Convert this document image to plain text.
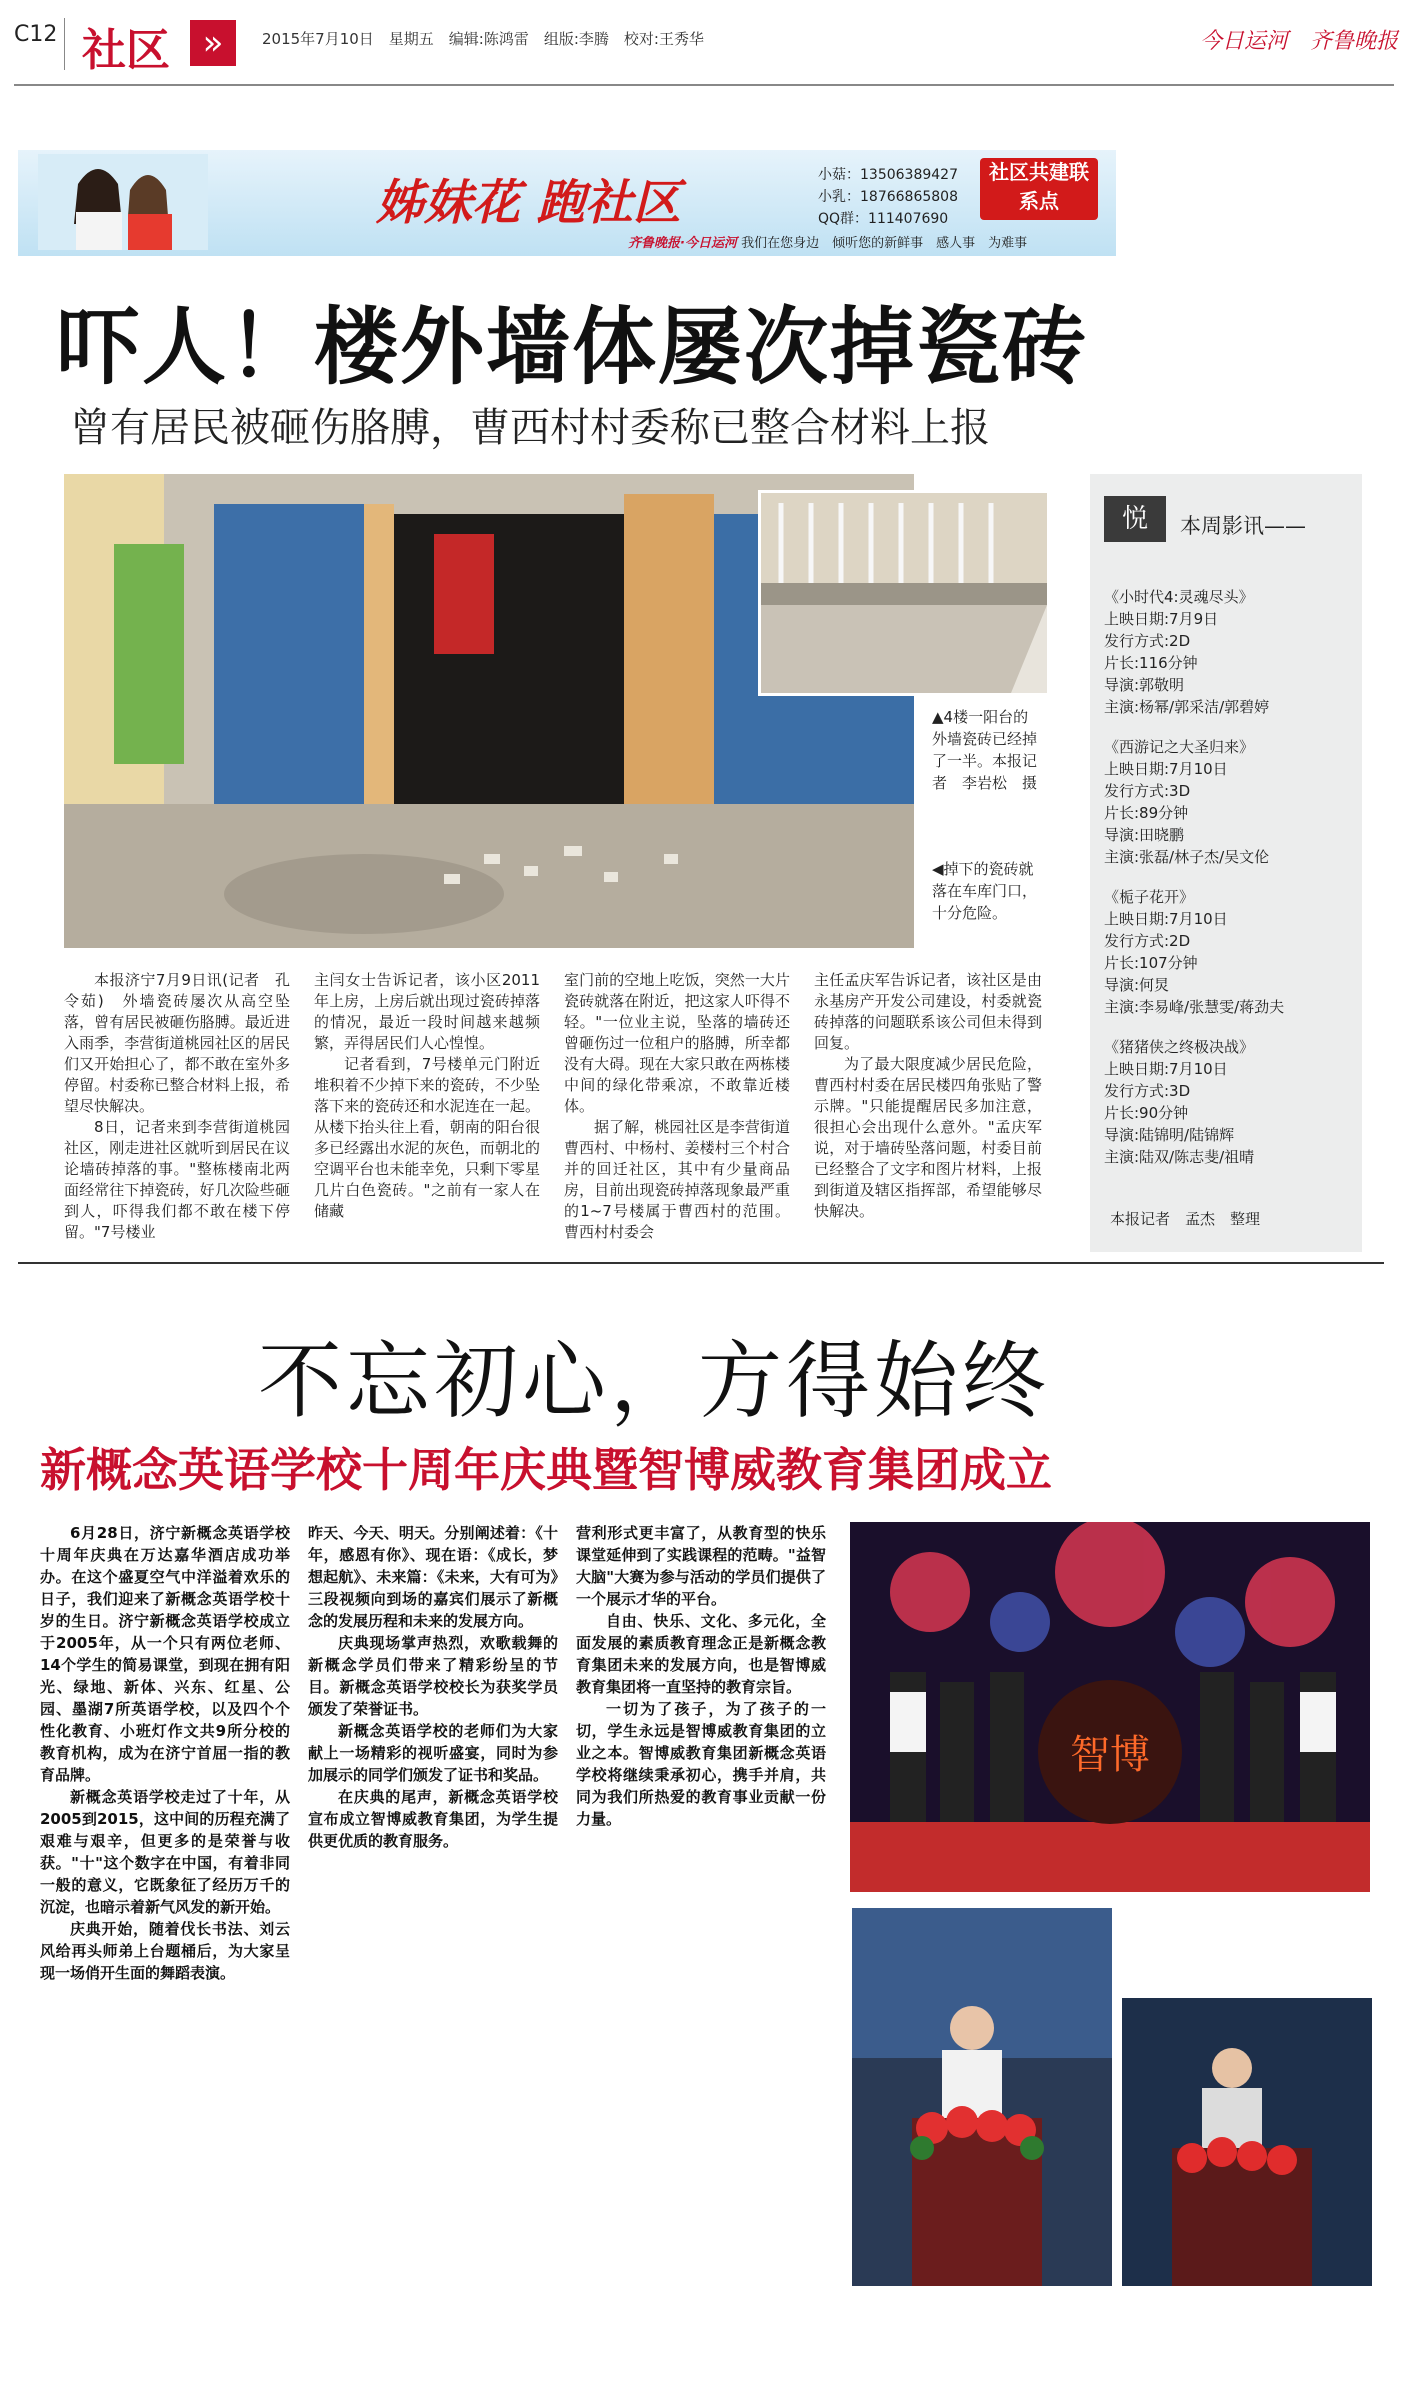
C12 社区 »	2015年7月10日　星期五　编辑:陈鸿雷　组版:李腾　校对:王秀华	今日运河　齐鲁晚报
姊妹花 跑社区	小菇：13506389427
小乳：18766865808
QQ群：111407690
社区共建联系点
齐鲁晚报·今日运河 我们在您身边　倾听您的新鲜事　感人事　为难事
吓人！楼外墙体屡次掉瓷砖
曾有居民被砸伤胳膊，曹西村村委称已整合材料上报
▲4楼一阳台的外墙瓷砖已经掉了一半。本报记者　李岩松　摄
◀掉下的瓷砖就落在车库门口，十分危险。

本报济宁7月9日讯(记者　孔令茹)　外墙瓷砖屡次从高空坠落，曾有居民被砸伤胳膊。最近进入雨季，李营街道桃园社区的居民们又开始担心了，都不敢在室外多停留。村委称已整合材料上报，希望尽快解决。

8日，记者来到李营街道桃园社区，刚走进社区就听到居民在议论墙砖掉落的事。"整栋楼南北两面经常往下掉瓷砖，好几次险些砸到人，吓得我们都不敢在楼下停留。"7号楼业

主闫女士告诉记者，该小区2011年上房，上房后就出现过瓷砖掉落的情况，最近一段时间越来越频繁，弄得居民们人心惶惶。

记者看到，7号楼单元门附近堆积着不少掉下来的瓷砖，不少坠落下来的瓷砖还和水泥连在一起。从楼下抬头往上看，朝南的阳台很多已经露出水泥的灰色，而朝北的空调平台也未能幸免，只剩下零星几片白色瓷砖。"之前有一家人在储藏

室门前的空地上吃饭，突然一大片瓷砖就落在附近，把这家人吓得不轻。"一位业主说，坠落的墙砖还曾砸伤过一位租户的胳膊，所幸都没有大碍。现在大家只敢在两栋楼中间的绿化带乘凉，不敢靠近楼体。

据了解，桃园社区是李营街道曹西村、中杨村、姜楼村三个村合并的回迁社区，其中有少量商品房，目前出现瓷砖掉落现象最严重的1~7号楼属于曹西村的范围。曹西村村委会

主任孟庆军告诉记者，该社区是由永基房产开发公司建设，村委就瓷砖掉落的问题联系该公司但未得到回复。

为了最大限度减少居民危险，曹西村村委在居民楼四角张贴了警示牌。"只能提醒居民多加注意，很担心会出现什么意外。"孟庆军说，对于墙砖坠落问题，村委目前已经整合了文字和图片材料，上报到街道及辖区指挥部，希望能够尽快解决。

悦	本周影讯——
《小时代4:灵魂尽头》
上映日期:7月9日
发行方式:2D
片长:116分钟
导演:郭敬明
主演:杨幂/郭采洁/郭碧婷
《西游记之大圣归来》
上映日期:7月10日
发行方式:3D
片长:89分钟
导演:田晓鹏
主演:张磊/林子杰/吴文伦
《栀子花开》
上映日期:7月10日
发行方式:2D
片长:107分钟
导演:何炅
主演:李易峰/张慧雯/蒋劲夫
《猪猪侠之终极决战》
上映日期:7月10日
发行方式:3D
片长:90分钟
导演:陆锦明/陆锦辉
主演:陆双/陈志斐/祖晴
本报记者　孟杰　整理
不忘初心，方得始终
新概念英语学校十周年庆典暨智博威教育集团成立

6月28日，济宁新概念英语学校十周年庆典在万达嘉华酒店成功举办。在这个盛夏空气中洋溢着欢乐的日子，我们迎来了新概念英语学校十岁的生日。济宁新概念英语学校成立于2005年，从一个只有两位老师、14个学生的简易课堂，到现在拥有阳光、绿地、新体、兴东、红星、公园、墨湖7所英语学校，以及四个个性化教育、小班灯作文共9所分校的教育机构，成为在济宁首屈一指的教育品牌。

新概念英语学校走过了十年，从2005到2015，这中间的历程充满了艰难与艰辛，但更多的是荣誉与收获。"十"这个数字在中国，有着非同一般的意义，它既象征了经历万千的沉淀，也暗示着新气风发的新开始。

庆典开始，随着伐长书法、刘云风给再头师弟上台题桶后，为大家呈现一场俏开生面的舞蹈表演。

昨天、今天、明天。分别阐述着：《十年，感恩有你》、现在语：《成长，梦想起航》、未来篇：《未来，大有可为》三段视频向到场的嘉宾们展示了新概念的发展历程和未来的发展方向。

庆典现场掌声热烈，欢歌载舞的新概念学员们带来了精彩纷呈的节目。新概念英语学校校长为获奖学员颁发了荣誉证书。

新概念英语学校的老师们为大家献上一场精彩的视听盛宴，同时为参加展示的同学们颁发了证书和奖品。

在庆典的尾声，新概念英语学校宣布成立智博威教育集团，为学生提供更优质的教育服务。

营利形式更丰富了，从教育型的快乐课堂延伸到了实践课程的范畴。"益智大脑"大赛为参与活动的学员们提供了一个展示才华的平台。

自由、快乐、文化、多元化，全面发展的素质教育理念正是新概念教育集团未来的发展方向，也是智博威教育集团将一直坚持的教育宗旨。

一切为了孩子，为了孩子的一切，学生永远是智博威教育集团的立业之本。智博威教育集团新概念英语学校将继续秉承初心，携手并肩，共同为我们所热爱的教育事业贡献一份力量。

智博
